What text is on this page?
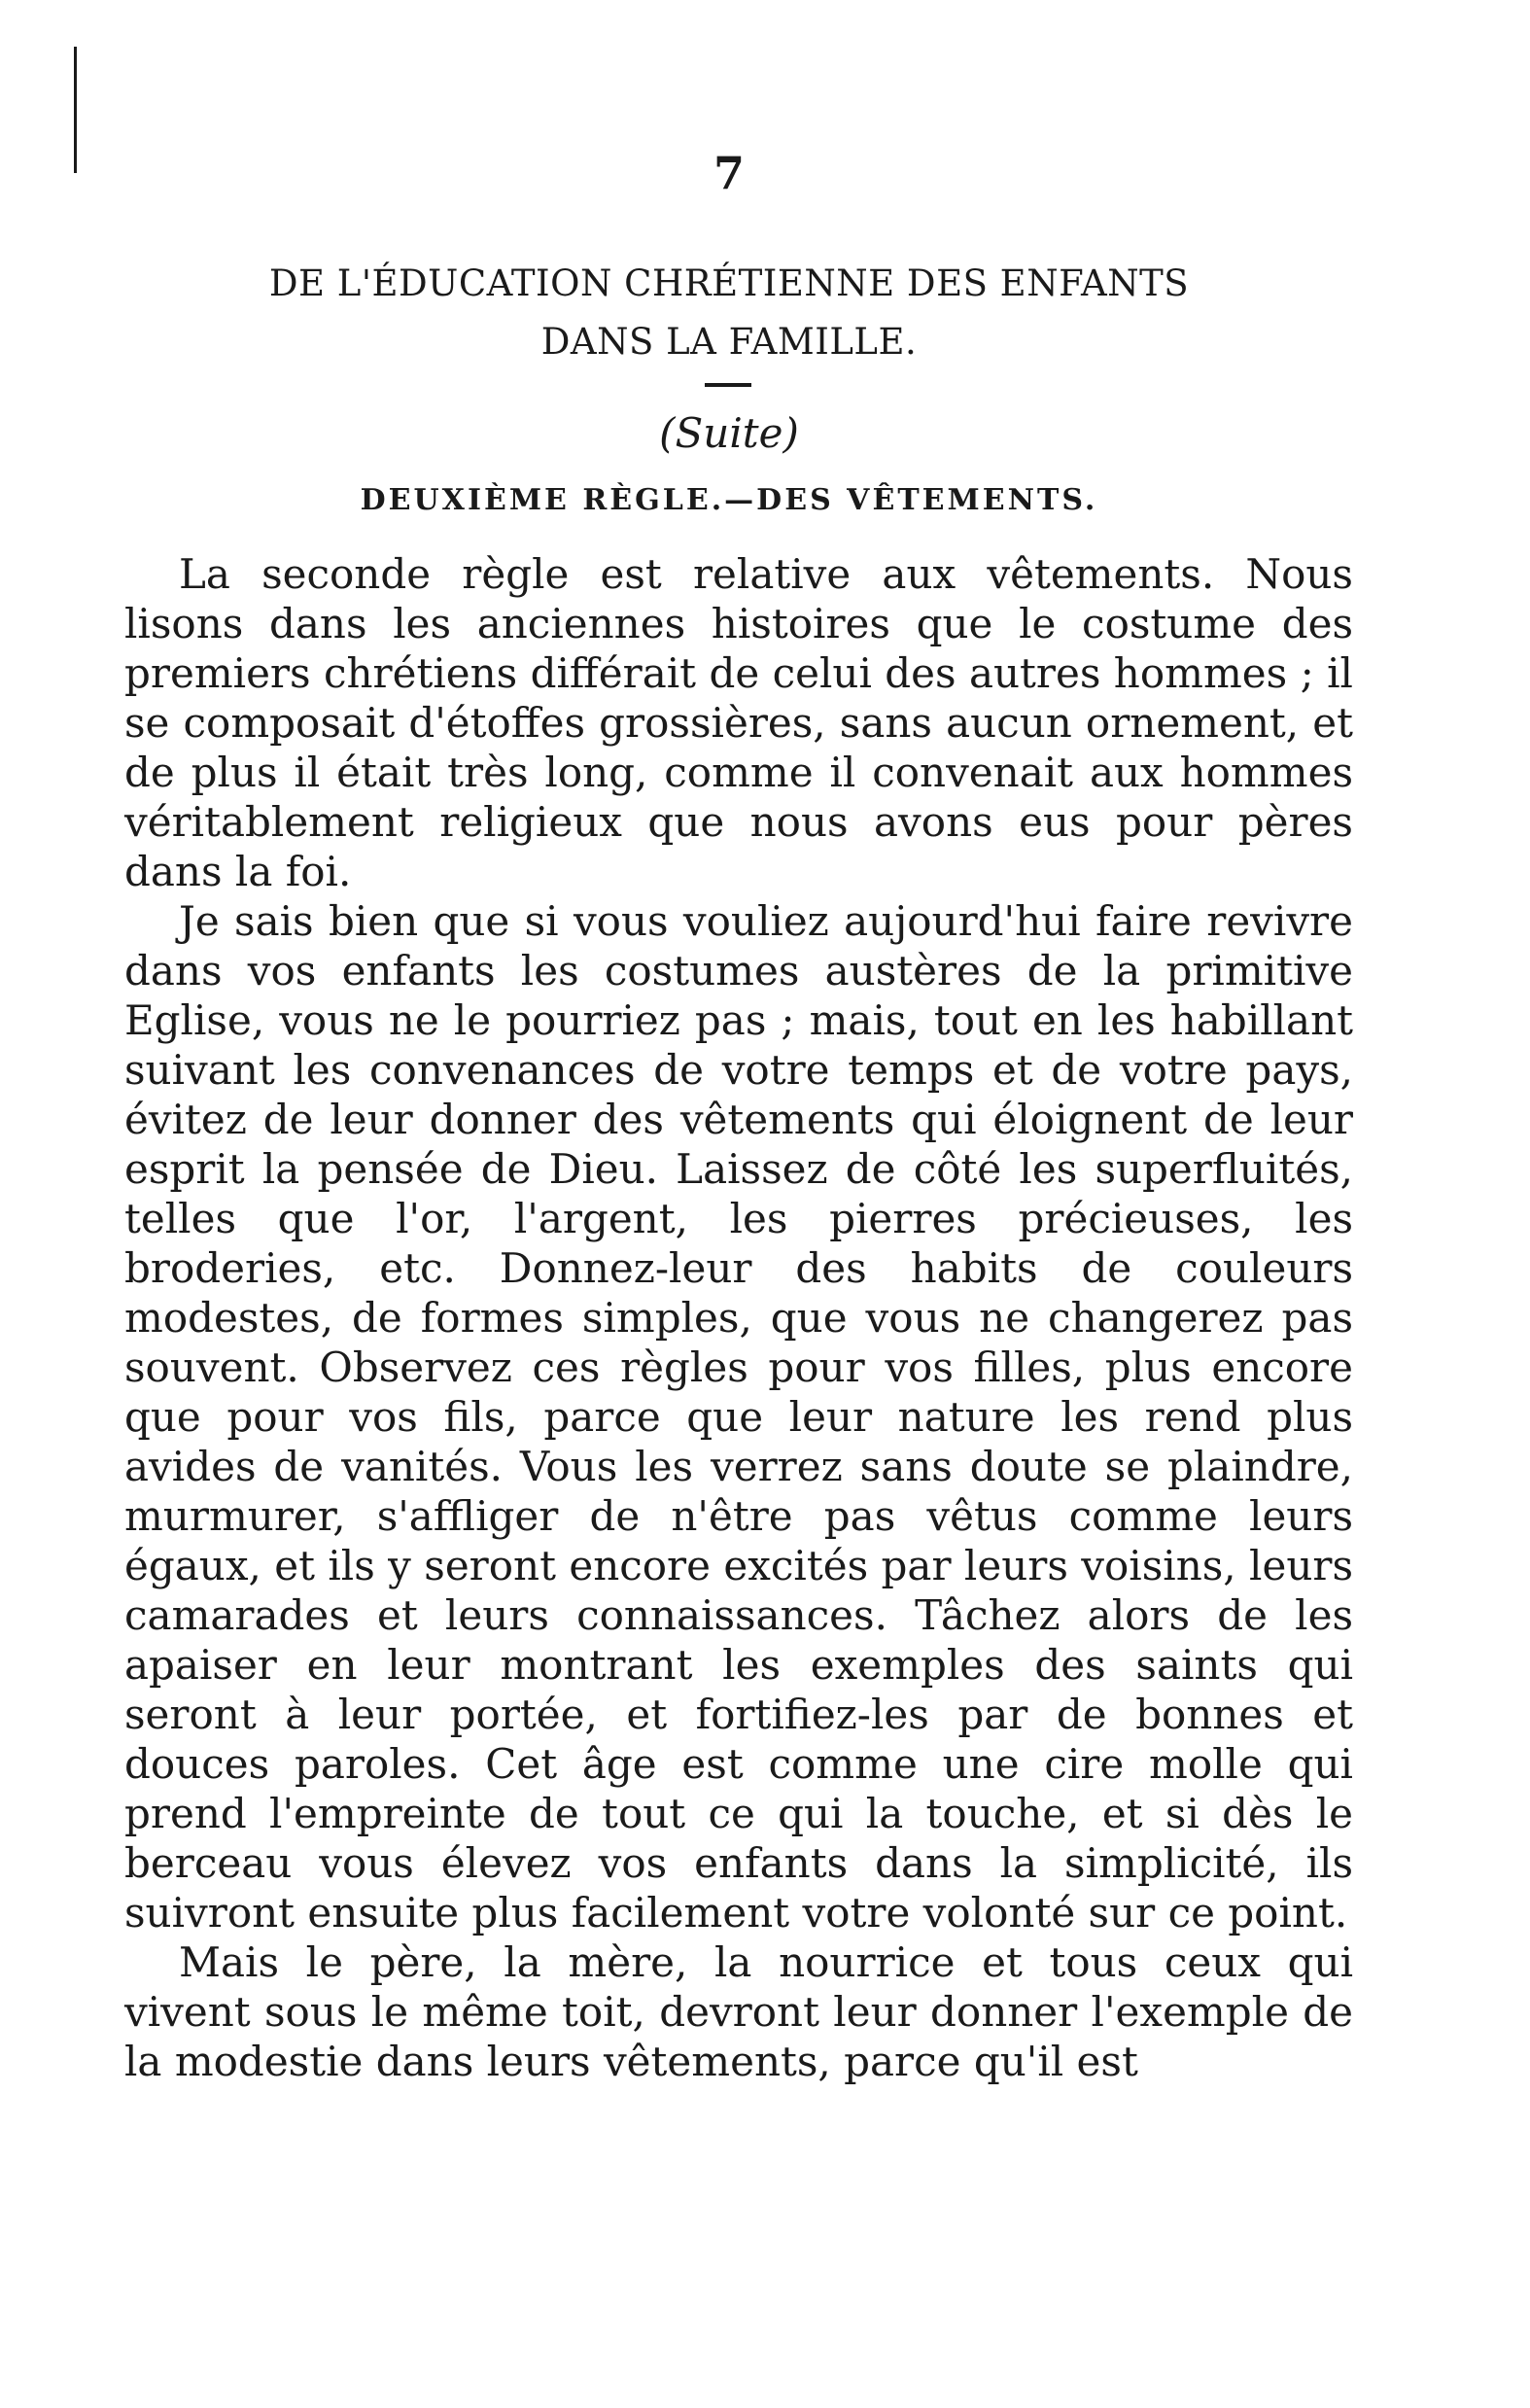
7
DE L'ÉDUCATION CHRÉTIENNE DES ENFANTS
DANS LA FAMILLE.
(Suite)
DEUXIÈME RÈGLE.—DES VÊTEMENTS.

La seconde règle est relative aux vêtements. Nous lisons dans les anciennes histoires que le costume des premiers chrétiens différait de celui des autres hommes ; il se composait d'étoffes grossières, sans aucun ornement, et de plus il était très long, comme il convenait aux hommes véritablement religieux que nous avons eus pour pères dans la foi.

Je sais bien que si vous vouliez aujourd'hui faire revivre dans vos enfants les costumes austères de la primitive Eglise, vous ne le pourriez pas ; mais, tout en les habillant suivant les convenances de votre temps et de votre pays, évitez de leur donner des vêtements qui éloignent de leur esprit la pensée de Dieu. Laissez de côté les superfluités, telles que l'or, l'argent, les pierres précieuses, les broderies, etc. Donnez-leur des habits de couleurs modestes, de formes simples, que vous ne changerez pas souvent. Observez ces règles pour vos filles, plus encore que pour vos fils, parce que leur nature les rend plus avides de vanités. Vous les verrez sans doute se plaindre, murmurer, s'affliger de n'être pas vêtus comme leurs égaux, et ils y seront encore excités par leurs voisins, leurs camarades et leurs connaissances. Tâchez alors de les apaiser en leur montrant les exemples des saints qui seront à leur portée, et fortifiez-les par de bonnes et douces paroles. Cet âge est comme une cire molle qui prend l'empreinte de tout ce qui la touche, et si dès le berceau vous élevez vos enfants dans la simplicité, ils suivront ensuite plus facilement votre volonté sur ce point.

Mais le père, la mère, la nourrice et tous ceux qui vivent sous le même toit, devront leur donner l'exemple de la modestie dans leurs vêtements, parce qu'il est
